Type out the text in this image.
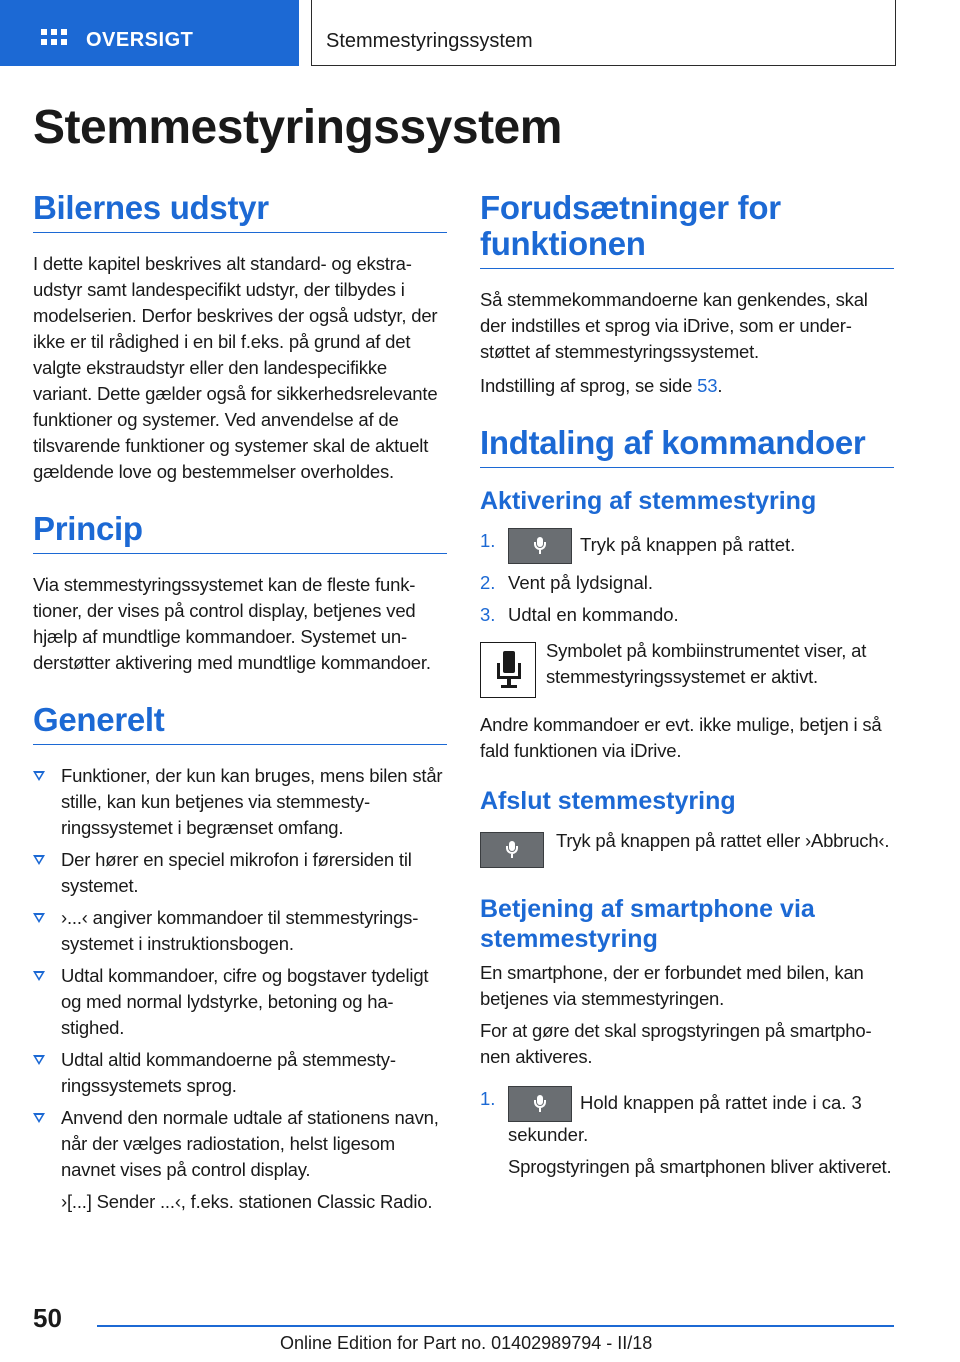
OVERSIGT	Stemmestyringssystem
Stemmestyringssystem
Bilernes udstyr

I dette kapitel beskrives alt standard- og ekstraudstyr samt landespecifikt udstyr, der tilbydes i modelserien. Derfor beskrives der også udstyr, der ikke er til rådighed i en bil f.eks. på grund af det valgte ekstraudstyr eller den landespecifikke variant. Dette gælder også for sikkerhedsrelevante funktioner og systemer. Ved anvendelse af de tilsvarende funktioner og systemer skal de aktuelt gældende love og bestemmelser overholdes.

Princip

Via stemmestyringssystemet kan de fleste funktioner, der vises på control display, betjenes ved hjælp af mundtlige kommandoer. Systemet understøtter aktivering med mundtlige kommandoer.

Generelt
Funktioner, der kun kan bruges, mens bilen står stille, kan kun betjenes via stemmestyringssystemet i begrænset omfang.
Der hører en speciel mikrofon i førersiden til systemet.
›...‹ angiver kommandoer til stemmestyringssystemet i instruktionsbogen.
Udtal kommandoer, cifre og bogstaver tydeligt og med normal lydstyrke, betoning og hastighed.
Udtal altid kommandoerne på stemmestyringssystemets sprog.
Anvend den normale udtale af stationens navn, når der vælges radiostation, helst ligesom navnet vises på control display.

›[...] Sender ...‹, f.eks. stationen Classic Radio.

Forudsætninger for funktionen

Så stemmekommandoerne kan genkendes, skal der indstilles et sprog via iDrive, som er understøttet af stemmestyringssystemet.

Indstilling af sprog, se side 53.

Indtaling af kommandoer
Aktivering af stemmestyring
1.	Tryk på knappen på rattet.
2. Vent på lydsignal.
3. Udtal en kommando.

Symbolet på kombiinstrumentet viser, at stemmestyringssystemet er aktivt.

Andre kommandoer er evt. ikke mulige, betjen i så fald funktionen via iDrive.

Afslut stemmestyring

Tryk på knappen på rattet eller ›Abbruch‹.

Betjening af smartphone via stemmestyring

En smartphone, der er forbundet med bilen, kan betjenes via stemmestyringen.

For at gøre det skal sprogstyringen på smartphonen aktiveres.

1.	Hold knappen på rattet inde i ca. 3 sekunder.

Sprogstyringen på smartphonen bliver aktiveret.

50
Online Edition for Part no. 01402989794 - II/18
